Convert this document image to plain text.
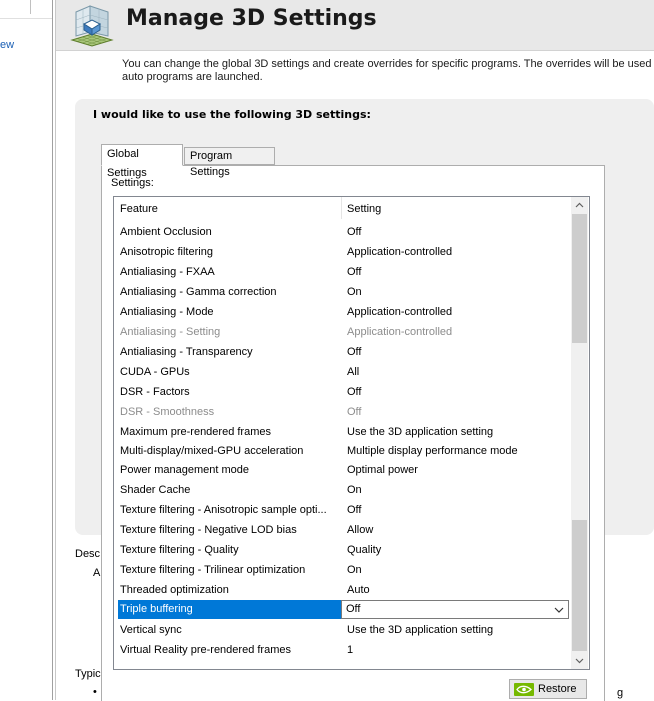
ew
Manage 3D Settings
You can change the global 3D settings and create overrides for specific programs. The overrides will be used auto programs are launched.
I would like to use the following 3D settings:
Global Settings
Program Settings
Settings:
Feature	Setting
Ambient Occlusion	Off
Anisotropic filtering	Application-controlled
Antialiasing - FXAA	Off
Antialiasing - Gamma correction	On
Antialiasing - Mode	Application-controlled
Antialiasing - Setting	Application-controlled
Antialiasing - Transparency	Off
CUDA - GPUs	All
DSR - Factors	Off
DSR - Smoothness	Off
Maximum pre-rendered frames	Use the 3D application setting
Multi-display/mixed-GPU acceleration	Multiple display performance mode
Power management mode	Optimal power
Shader Cache	On
Texture filtering - Anisotropic sample opti...	Off
Texture filtering - Negative LOD bias	Allow
Texture filtering - Quality	Quality
Texture filtering - Trilinear optimization	On
Threaded optimization	Auto
Triple buffering	Off
Vertical sync	Use the 3D application setting
Virtual Reality pre-rendered frames	1
Desc
A
Typic
•	g
Restore
